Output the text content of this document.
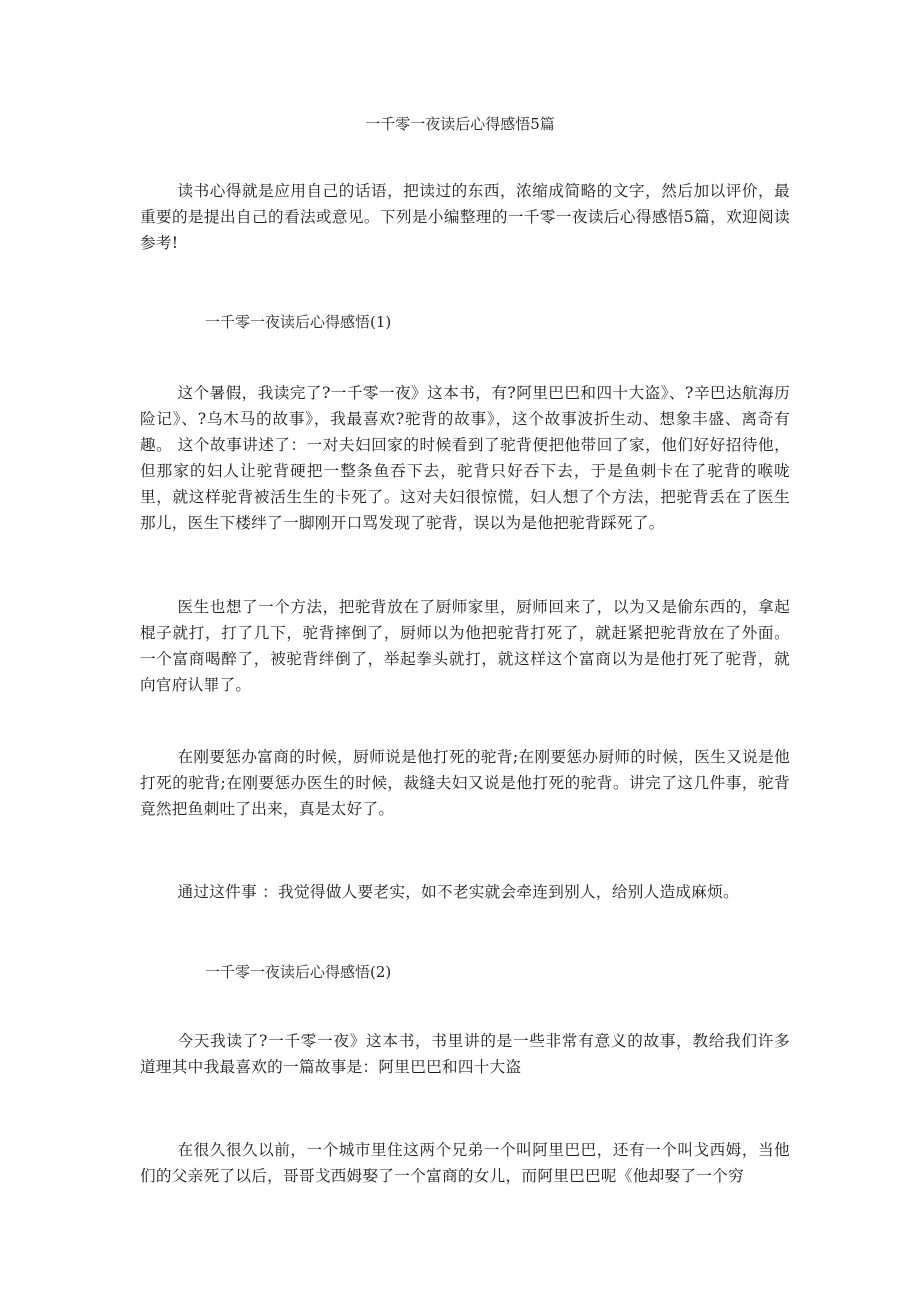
一千零一夜读后心得感悟5篇

读书心得就是应用自己的话语，把读过的东西，浓缩成简略的文字，然后加以评价，最重要的是提出自己的看法或意见。下列是小编整理的一千零一夜读后心得感悟5篇，欢迎阅读参考!

一千零一夜读后心得感悟(1)

这个暑假，我读完了?一千零一夜》这本书，有?阿里巴巴和四十大盗》、?辛巴达航海历险记》、?乌木马的故事》，我最喜欢?驼背的故事》，这个故事波折生动、想象丰盛、离奇有趣。 这个故事讲述了：一对夫妇回家的时候看到了驼背便把他带回了家，他们好好招待他，但那家的妇人让驼背硬把一整条鱼吞下去，驼背只好吞下去，于是鱼刺卡在了驼背的喉咙里，就这样驼背被活生生的卡死了。这对夫妇很惊慌，妇人想了个方法，把驼背丢在了医生那儿，医生下楼绊了一脚刚开口骂发现了驼背，误以为是他把驼背踩死了。

医生也想了一个方法，把驼背放在了厨师家里，厨师回来了，以为又是偷东西的，拿起棍子就打，打了几下，驼背摔倒了，厨师以为他把驼背打死了，就赶紧把驼背放在了外面。一个富商喝醉了，被驼背绊倒了，举起拳头就打，就这样这个富商以为是他打死了驼背，就向官府认罪了。

在刚要惩办富商的时候，厨师说是他打死的驼背;在刚要惩办厨师的时候，医生又说是他打死的驼背;在刚要惩办医生的时候，裁缝夫妇又说是他打死的驼背。讲完了这几件事，驼背竟然把鱼刺吐了出来，真是太好了。

通过这件事 ：我觉得做人要老实，如不老实就会牵连到别人，给别人造成麻烦。

一千零一夜读后心得感悟(2)

今天我读了?一千零一夜》这本书，书里讲的是一些非常有意义的故事，教给我们许多道理其中我最喜欢的一篇故事是：阿里巴巴和四十大盗

在很久很久以前，一个城市里住这两个兄弟一个叫阿里巴巴，还有一个叫戈西姆，当他们的父亲死了以后，哥哥戈西姆娶了一个富商的女儿，而阿里巴巴呢《他却娶了一个穷
